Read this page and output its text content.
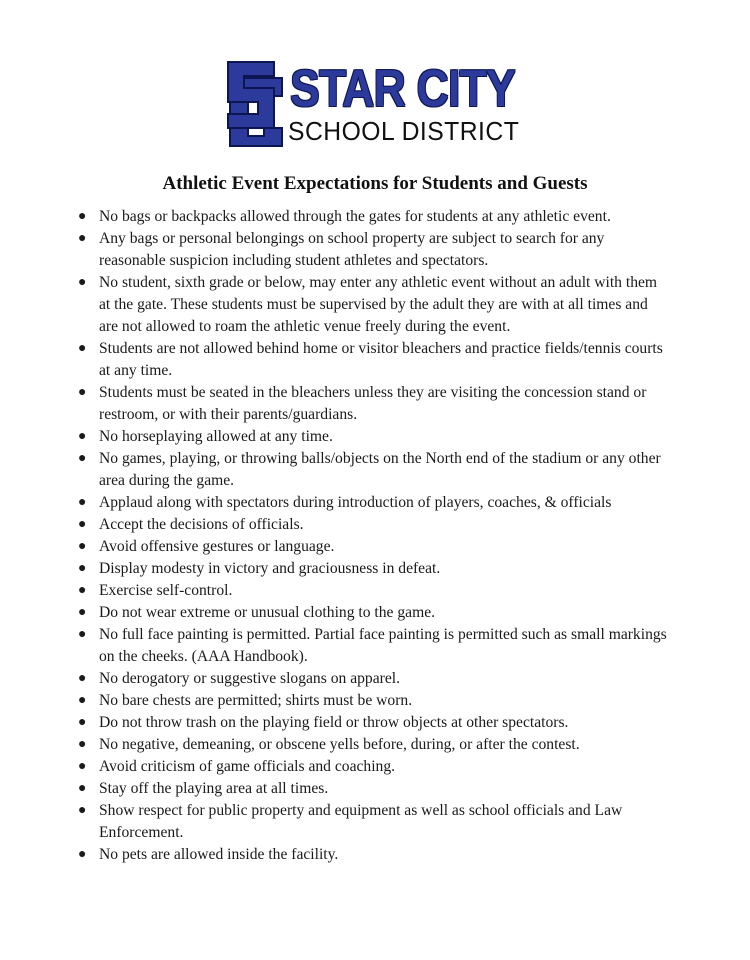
STAR CITY
SCHOOL DISTRICT
Athletic Event Expectations for Students and Guests
● No bags or backpacks allowed through the gates for students at any athletic event.
● Any bags or personal belongings on school property are subject to search for any reasonable suspicion including student athletes and spectators.
● No student, sixth grade or below, may enter any athletic event without an adult with them at the gate. These students must be supervised by the adult they are with at all times and are not allowed to roam the athletic venue freely during the event.
● Students are not allowed behind home or visitor bleachers and practice fields/tennis courts at any time.
● Students must be seated in the bleachers unless they are visiting the concession stand or restroom, or with their parents/guardians.
● No horseplaying allowed at any time.
● No games, playing, or throwing balls/objects on the North end of the stadium or any other area during the game.
● Applaud along with spectators during introduction of players, coaches, & officials
● Accept the decisions of officials.
● Avoid offensive gestures or language.
● Display modesty in victory and graciousness in defeat.
● Exercise self-control.
● Do not wear extreme or unusual clothing to the game.
● No full face painting is permitted. Partial face painting is permitted such as small markings on the cheeks. (AAA Handbook).
● No derogatory or suggestive slogans on apparel.
● No bare chests are permitted; shirts must be worn.
● Do not throw trash on the playing field or throw objects at other spectators.
● No negative, demeaning, or obscene yells before, during, or after the contest.
● Avoid criticism of game officials and coaching.
● Stay off the playing area at all times.
● Show respect for public property and equipment as well as school officials and Law Enforcement.
● No pets are allowed inside the facility.
